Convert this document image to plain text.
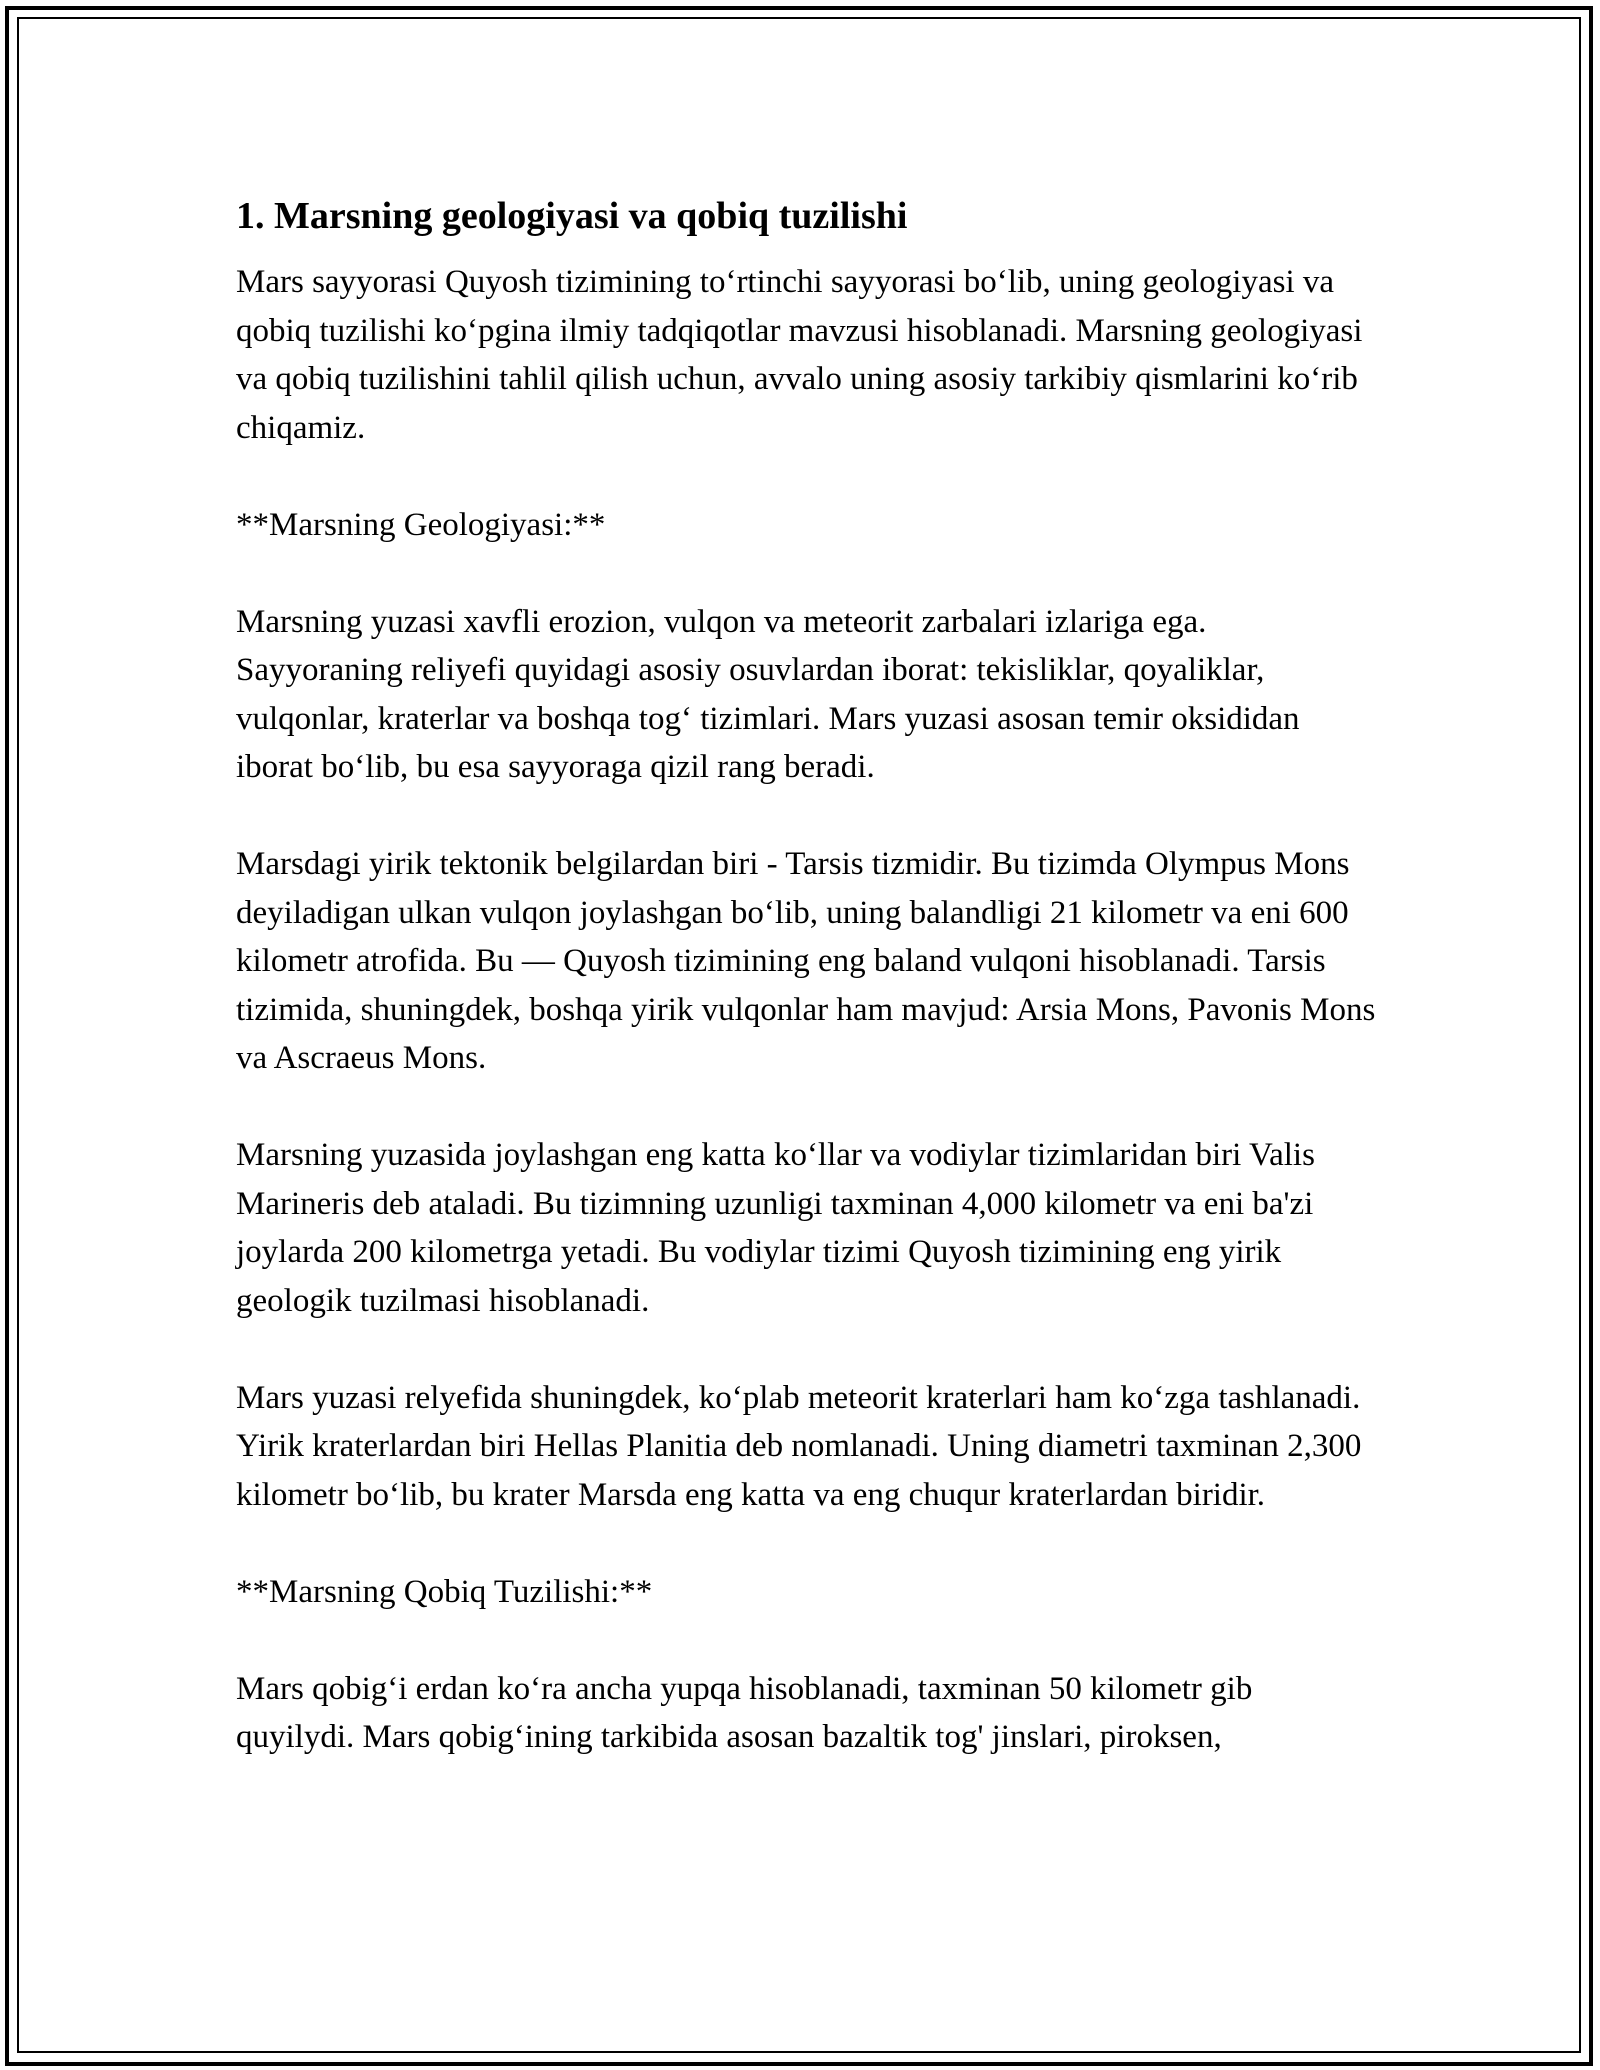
1. Marsning geologiyasi va qobiq tuzilishi

Mars sayyorasi Quyosh tizimining to‘rtinchi sayyorasi bo‘lib, uning geologiyasi va qobiq tuzilishi ko‘pgina ilmiy tadqiqotlar mavzusi hisoblanadi. Marsning geologiyasi va qobiq tuzilishini tahlil qilish uchun, avvalo uning asosiy tarkibiy qismlarini ko‘rib chiqamiz.

**Marsning Geologiyasi:**

Marsning yuzasi xavfli erozion, vulqon va meteorit zarbalari izlariga ega. Sayyoraning reliyefi quyidagi asosiy osuvlardan iborat: tekisliklar, qoyaliklar, vulqonlar, kraterlar va boshqa tog‘ tizimlari. Mars yuzasi asosan temir oksididan iborat bo‘lib, bu esa sayyoraga qizil rang beradi.

Marsdagi yirik tektonik belgilardan biri - Tarsis tizmidir. Bu tizimda Olympus Mons deyiladigan ulkan vulqon joylashgan bo‘lib, uning balandligi 21 kilometr va eni 600 kilometr atrofida. Bu — Quyosh tizimining eng baland vulqoni hisoblanadi. Tarsis tizimida, shuningdek, boshqa yirik vulqonlar ham mavjud: Arsia Mons, Pavonis Mons va Ascraeus Mons.

Marsning yuzasida joylashgan eng katta ko‘llar va vodiylar tizimlaridan biri Valis Marineris deb ataladi. Bu tizimning uzunligi taxminan 4,000 kilometr va eni ba'zi joylarda 200 kilometrga yetadi. Bu vodiylar tizimi Quyosh tizimining eng yirik geologik tuzilmasi hisoblanadi.

Mars yuzasi relyefida shuningdek, ko‘plab meteorit kraterlari ham ko‘zga tashlanadi. Yirik kraterlardan biri Hellas Planitia deb nomlanadi. Uning diametri taxminan 2,300 kilometr bo‘lib, bu krater Marsda eng katta va eng chuqur kraterlardan biridir.

**Marsning Qobiq Tuzilishi:**

Mars qobig‘i erdan ko‘ra ancha yupqa hisoblanadi, taxminan 50 kilometr gib quyilydi. Mars qobig‘ining tarkibida asosan bazaltik tog' jinslari, piroksen,
